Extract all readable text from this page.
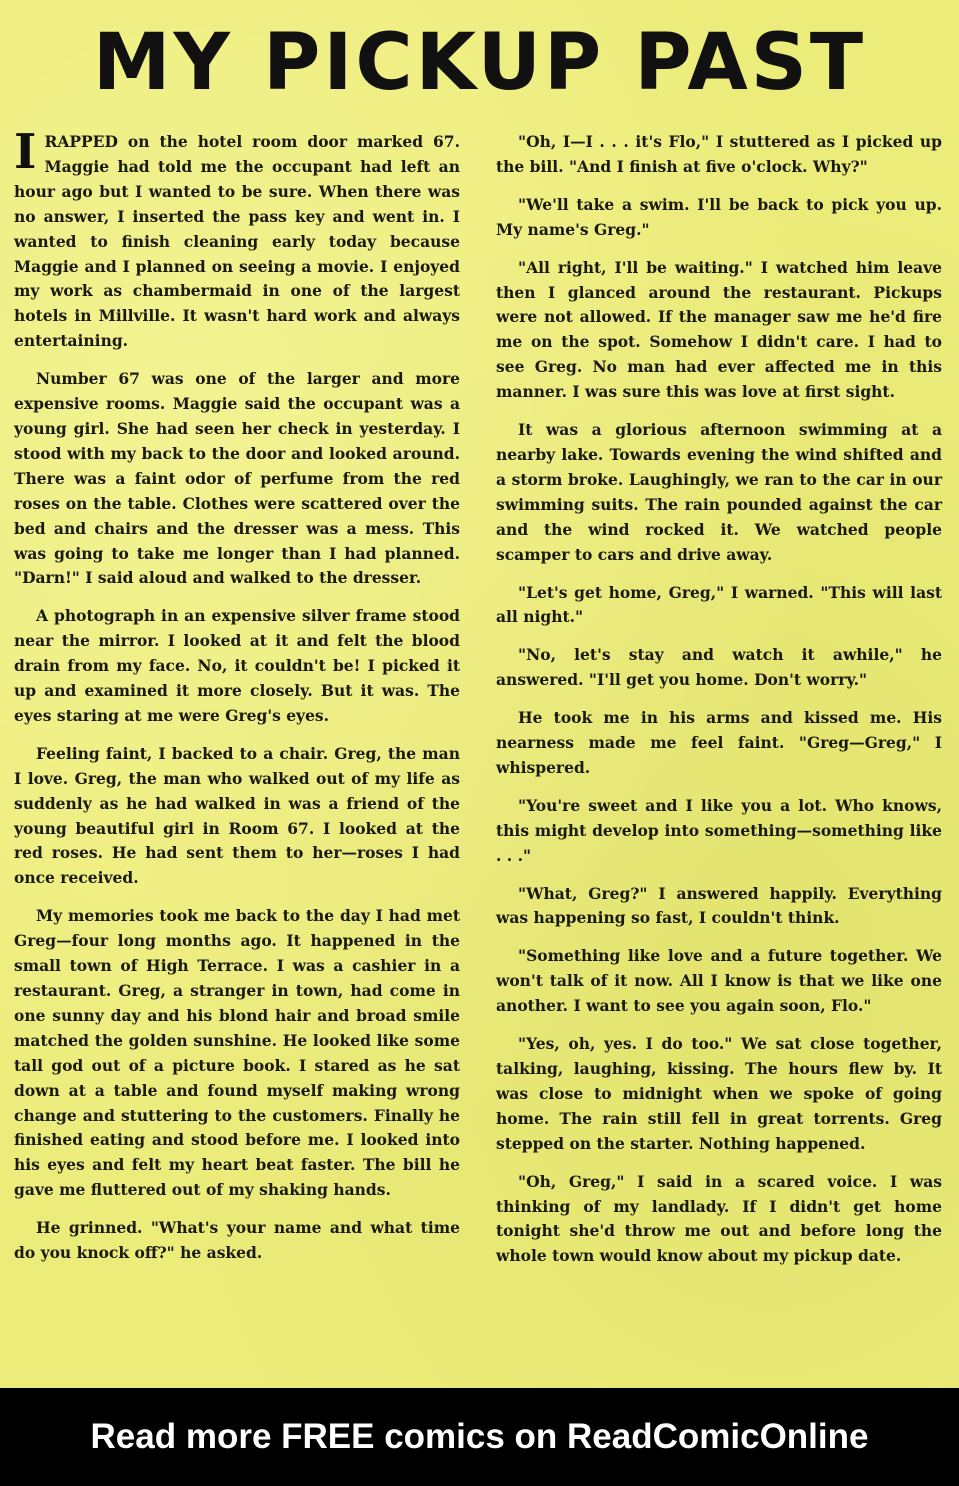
MY PICKUP PAST

IRAPPED on the hotel room door marked 67. Maggie had told me the occupant had left an hour ago but I wanted to be sure. When there was no answer, I inserted the pass key and went in. I wanted to finish cleaning early today because Maggie and I planned on seeing a movie. I enjoyed my work as chambermaid in one of the largest hotels in Millville. It wasn't hard work and always entertaining.

Number 67 was one of the larger and more expensive rooms. Maggie said the occupant was a young girl. She had seen her check in yesterday. I stood with my back to the door and looked around. There was a faint odor of perfume from the red roses on the table. Clothes were scattered over the bed and chairs and the dresser was a mess. This was going to take me longer than I had planned. "Darn!" I said aloud and walked to the dresser.

A photograph in an expensive silver frame stood near the mirror. I looked at it and felt the blood drain from my face. No, it couldn't be! I picked it up and examined it more closely. But it was. The eyes staring at me were Greg's eyes.

Feeling faint, I backed to a chair. Greg, the man I love. Greg, the man who walked out of my life as suddenly as he had walked in was a friend of the young beautiful girl in Room 67. I looked at the red roses. He had sent them to her—roses I had once received.

My memories took me back to the day I had met Greg—four long months ago. It happened in the small town of High Terrace. I was a cashier in a restaurant. Greg, a stranger in town, had come in one sunny day and his blond hair and broad smile matched the golden sunshine. He looked like some tall god out of a picture book. I stared as he sat down at a table and found myself making wrong change and stuttering to the customers. Finally he finished eating and stood before me. I looked into his eyes and felt my heart beat faster. The bill he gave me fluttered out of my shaking hands.

He grinned. "What's your name and what time do you knock off?" he asked.

"Oh, I—I . . . it's Flo," I stuttered as I picked up the bill. "And I finish at five o'clock. Why?"

"We'll take a swim. I'll be back to pick you up. My name's Greg."

"All right, I'll be waiting." I watched him leave then I glanced around the restaurant. Pickups were not allowed. If the manager saw me he'd fire me on the spot. Somehow I didn't care. I had to see Greg. No man had ever affected me in this manner. I was sure this was love at first sight.

It was a glorious afternoon swimming at a nearby lake. Towards evening the wind shifted and a storm broke. Laughingly, we ran to the car in our swimming suits. The rain pounded against the car and the wind rocked it. We watched people scamper to cars and drive away.

"Let's get home, Greg," I warned. "This will last all night."

"No, let's stay and watch it awhile," he answered. "I'll get you home. Don't worry."

He took me in his arms and kissed me. His nearness made me feel faint. "Greg—Greg," I whispered.

"You're sweet and I like you a lot. Who knows, this might develop into something—something like . . ."

"What, Greg?" I answered happily. Everything was happening so fast, I couldn't think.

"Something like love and a future together. We won't talk of it now. All I know is that we like one another. I want to see you again soon, Flo."

"Yes, oh, yes. I do too." We sat close together, talking, laughing, kissing. The hours flew by. It was close to midnight when we spoke of going home. The rain still fell in great torrents. Greg stepped on the starter. Nothing happened.

"Oh, Greg," I said in a scared voice. I was thinking of my landlady. If I didn't get home tonight she'd throw me out and before long the whole town would know about my pickup date.

Read more FREE comics on ReadComicOnline
